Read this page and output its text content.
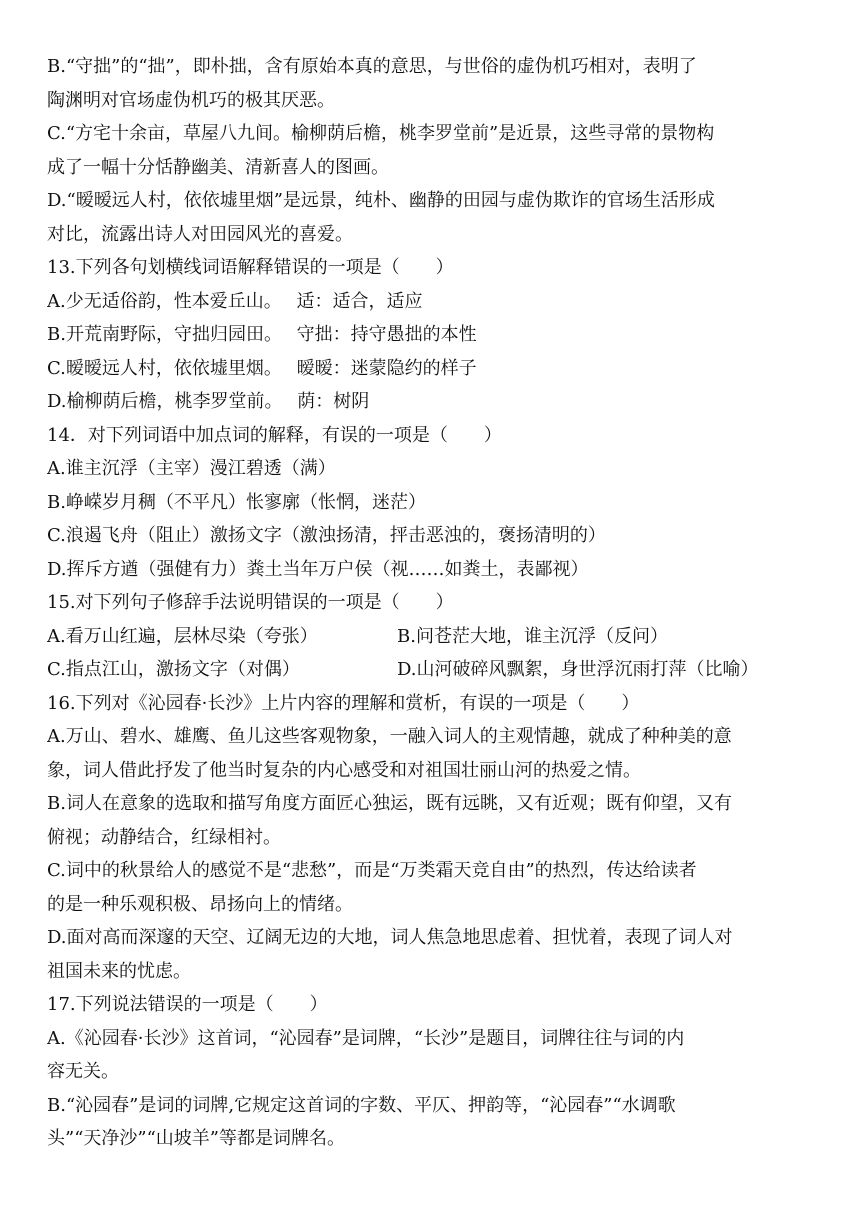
B.“守拙”的“拙”，即朴拙，含有原始本真的意思，与世俗的虚伪机巧相对，表明了
陶渊明对官场虚伪机巧的极其厌恶。
C.“方宅十余亩，草屋八九间。榆柳荫后檐，桃李罗堂前”是近景，这些寻常的景物构
成了一幅十分恬静幽美、清新喜人的图画。
D.“暧暧远人村，依依墟里烟”是远景，纯朴、幽静的田园与虚伪欺诈的官场生活形成
对比，流露出诗人对田园风光的喜爱。
13.下列各句划横线词语解释错误的一项是（　　）
A.少无适俗韵，性本爱丘山。　 适：适合，适应
B.开荒南野际，守拙归园田。　 守拙：持守愚拙的本性
C.暧暧远人村，依依墟里烟。　 暧暧：迷蒙隐约的样子
D.榆柳荫后檐，桃李罗堂前。　 荫：树阴
14．对下列词语中加点词的解释，有误的一项是（　　）
A.谁主沉浮（主宰）漫江碧透（满）
B.峥嵘岁月稠（不平凡）怅寥廓（怅惘，迷茫）
C.浪遏飞舟（阻止）激扬文字（激浊扬清，抨击恶浊的，褒扬清明的）
D.挥斥方遒（强健有力）粪土当年万户侯（视……如粪土，表鄙视）
15.对下列句子修辞手法说明错误的一项是（　　）
A.看万山红遍，层林尽染（夸张）	B.问苍茫大地，谁主沉浮（反问）
C.指点江山，激扬文字（对偶）	D.山河破碎风飘絮，身世浮沉雨打萍（比喻）
16.下列对《沁园春·长沙》上片内容的理解和赏析，有误的一项是（　　）
A.万山、碧水、雄鹰、鱼儿这些客观物象，一融入词人的主观情趣，就成了种种美的意
象，词人借此抒发了他当时复杂的内心感受和对祖国壮丽山河的热爱之情。
B.词人在意象的选取和描写角度方面匠心独运，既有远眺，又有近观；既有仰望，又有
俯视；动静结合，红绿相衬。
C.词中的秋景给人的感觉不是“悲愁”，而是“万类霜天竞自由”的热烈，传达给读者
的是一种乐观积极、昂扬向上的情绪。
D.面对高而深邃的天空、辽阔无边的大地，词人焦急地思虑着、担忧着，表现了词人对
祖国未来的忧虑。
17.下列说法错误的一项是（　　）
A.《沁园春·长沙》这首词，“沁园春”是词牌，“长沙”是题目，词牌往往与词的内
容无关。
B.“沁园春”是词的词牌,它规定这首词的字数、平仄、押韵等，“沁园春”“水调歌
头”“天净沙”“山坡羊”等都是词牌名。
